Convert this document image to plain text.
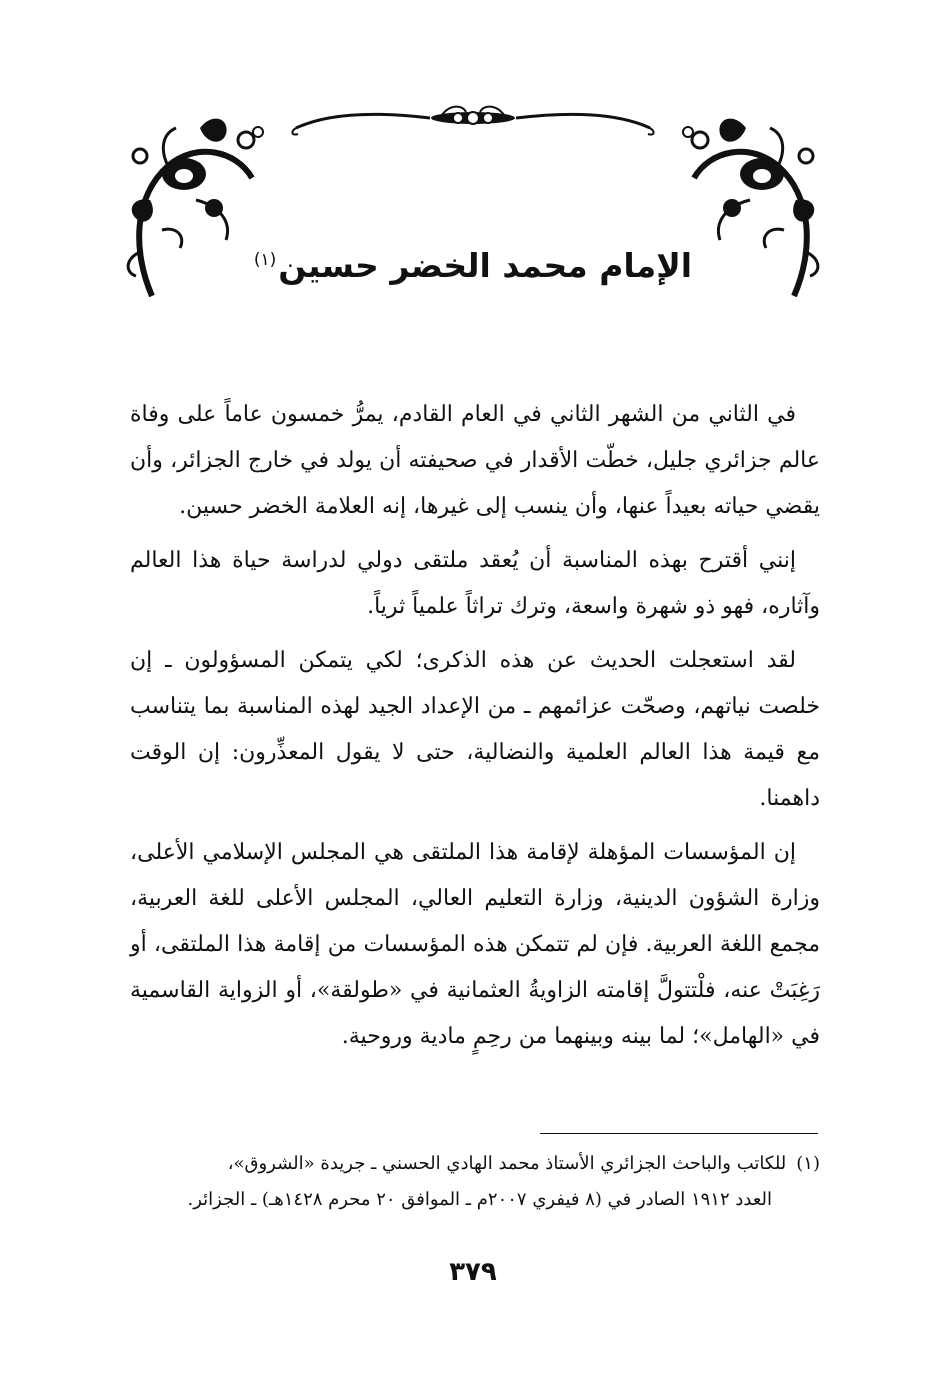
الإمام محمد الخضر حسين$^{(١)}$

في الثاني من الشهر الثاني في العام القادم، يمرُّ خمسون عاماً على وفاة عالم جزائري جليل، خطّت الأقدار في صحيفته أن يولد في خارج الجزائر، وأن يقضي حياته بعيداً عنها، وأن ينسب إلى غيرها، إنه العلامة الخضر حسين.

إنني أقترح بهذه المناسبة أن يُعقد ملتقى دولي لدراسة حياة هذا العالم وآثاره، فهو ذو شهرة واسعة، وترك تراثاً علمياً ثرياً.

لقد استعجلت الحديث عن هذه الذكرى؛ لكي يتمكن المسؤولون ـ إن خلصت نياتهم، وصحّت عزائمهم ـ من الإعداد الجيد لهذه المناسبة بما يتناسب مع قيمة هذا العالم العلمية والنضالية، حتى لا يقول المعذِّرون: إن الوقت داهمنا.

إن المؤسسات المؤهلة لإقامة هذا الملتقى هي المجلس الإسلامي الأعلى، وزارة الشؤون الدينية، وزارة التعليم العالي، المجلس الأعلى للغة العربية، مجمع اللغة العربية. فإن لم تتمكن هذه المؤسسات من إقامة هذا الملتقى، أو رَغِبَتْ عنه، فلْتتولَّ إقامته الزاويةُ العثمانية في «طولقة»، أو الزواية القاسمية في «الهامل»؛ لما بينه وبينهما من رحِمٍ مادية وروحية.

(١)للكاتب والباحث الجزائري الأستاذ محمد الهادي الحسني ـ جريدة «الشروق»،
العدد ١٩١٢ الصادر في (٨ فيفري ٢٠٠٧م ـ الموافق ٢٠ محرم ١٤٢٨هـ) ـ الجزائر.
٣٧٩
